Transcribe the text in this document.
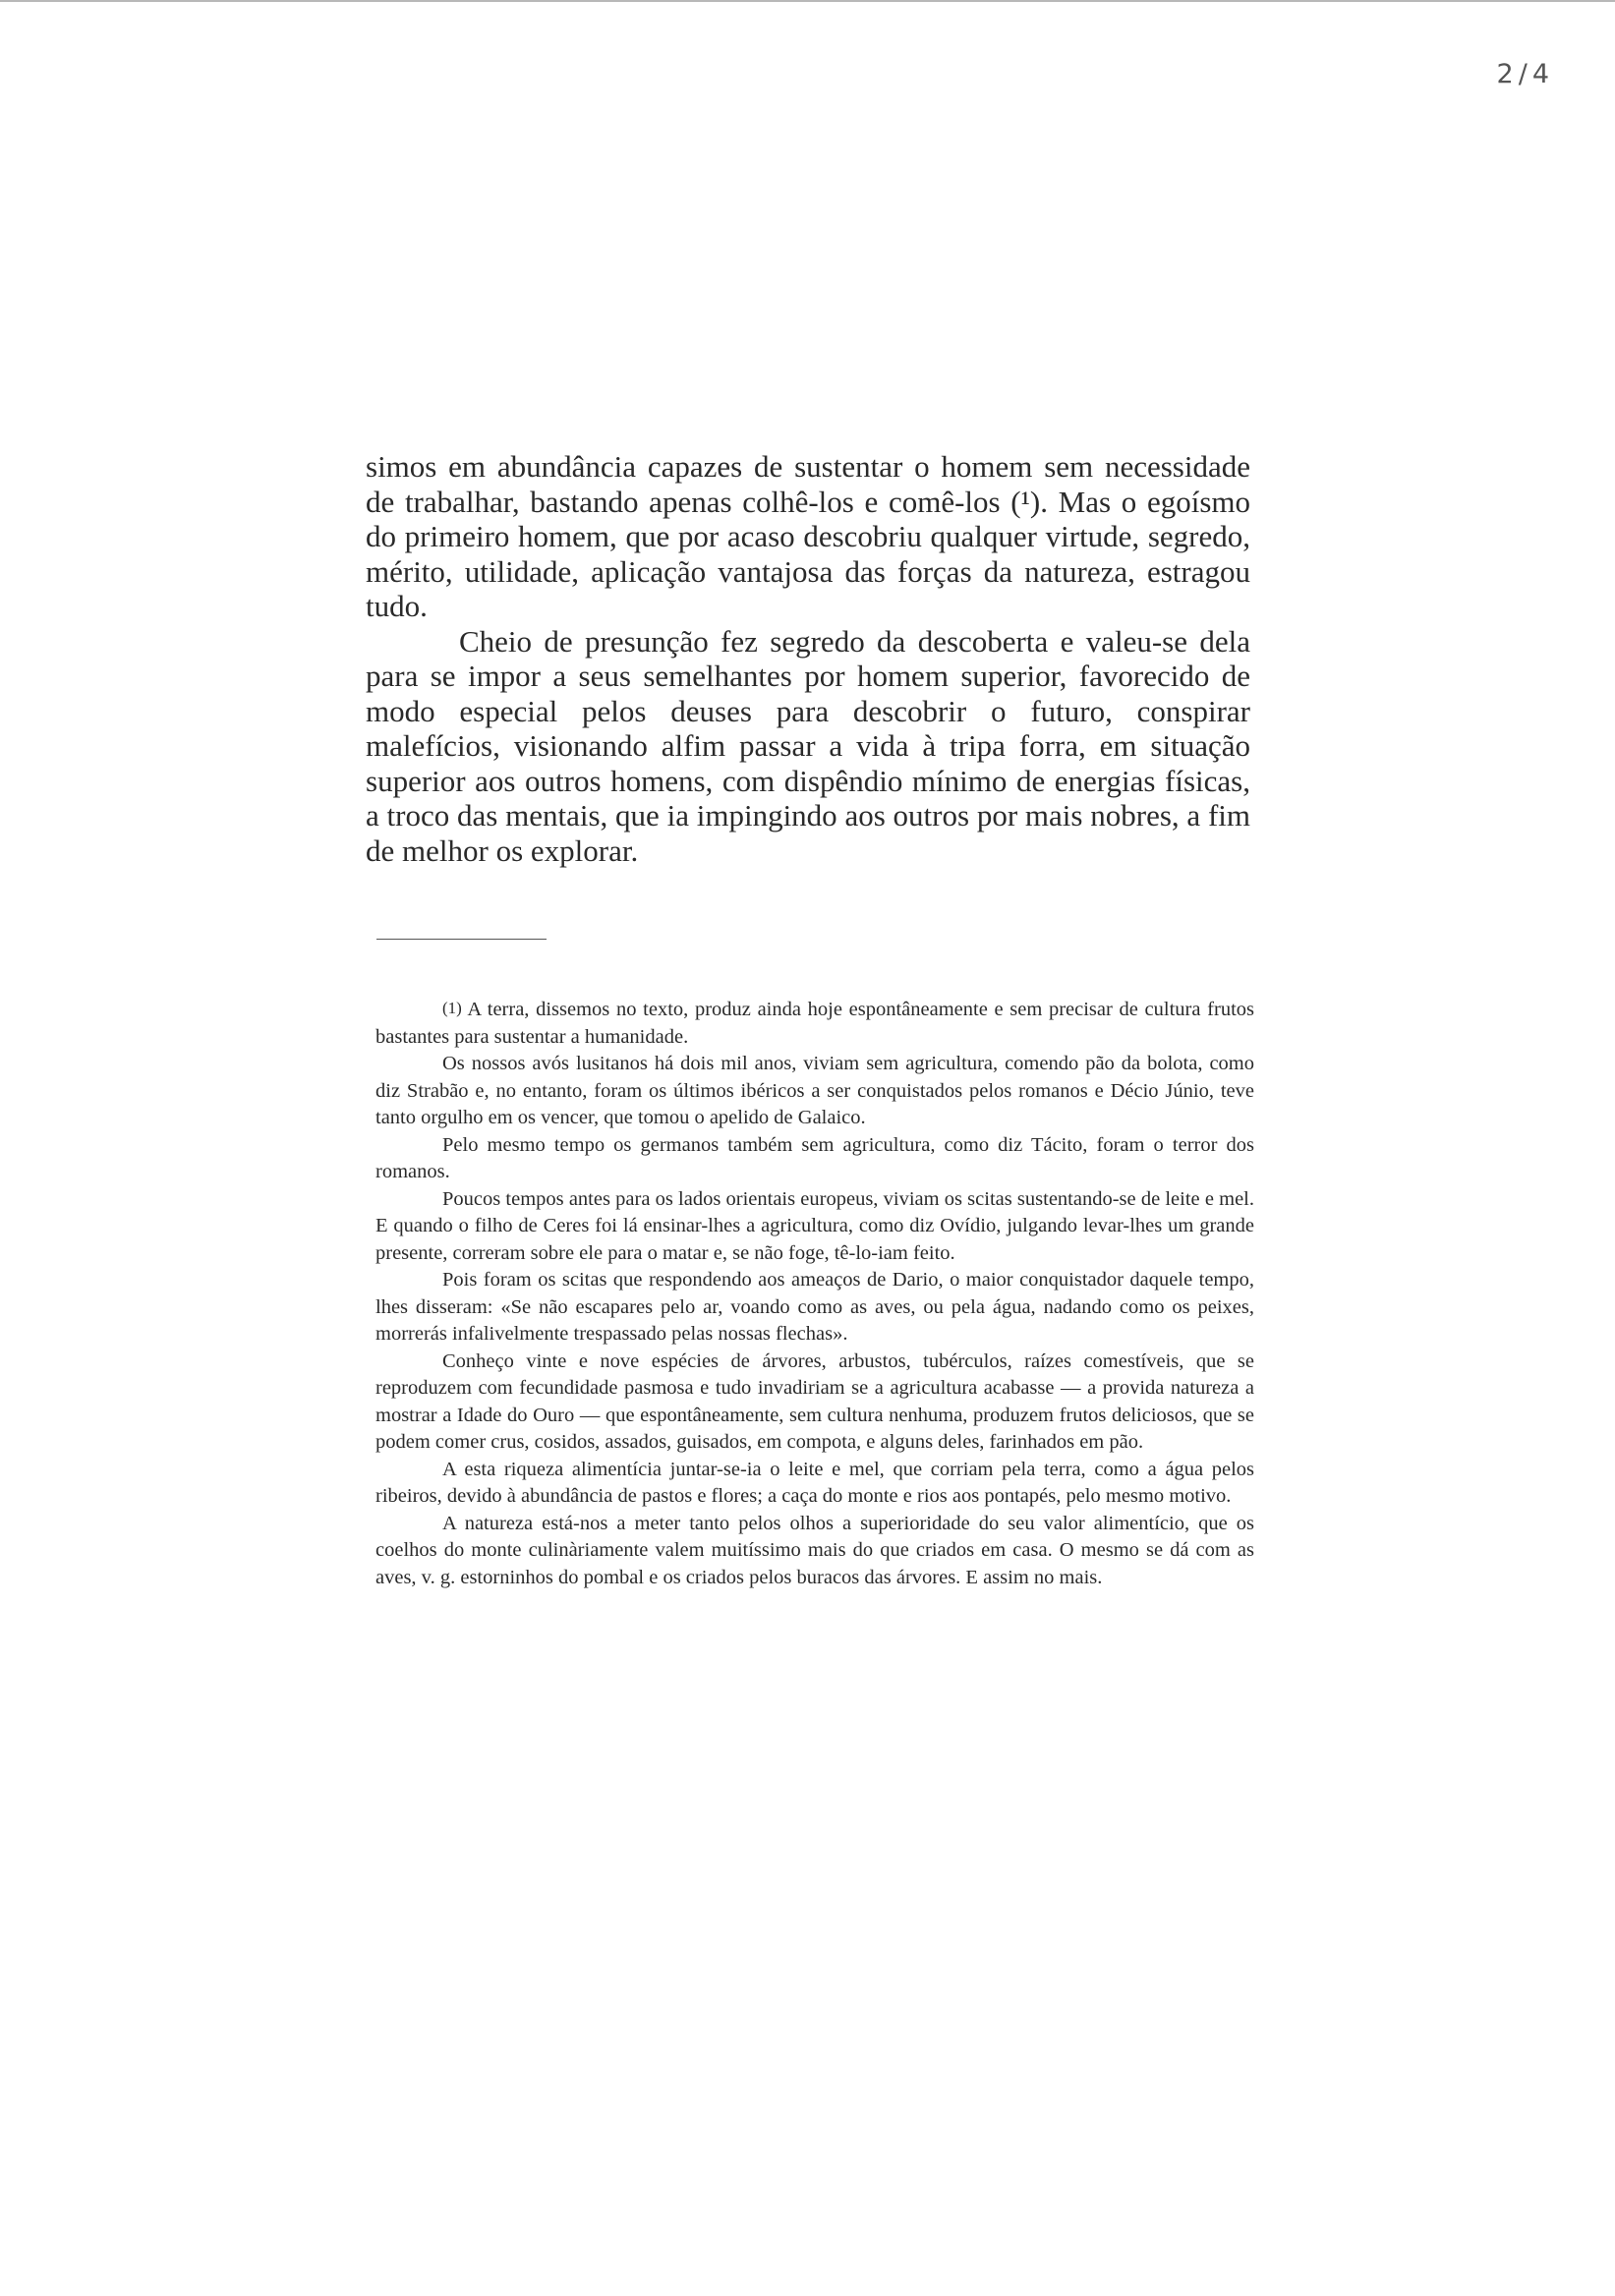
2/4

simos em abundância capazes de sustentar o homem sem necessidade de trabalhar, bastando apenas colhê-los e comê-los (¹). Mas o egoísmo do primeiro homem, que por acaso descobriu qualquer virtude, segredo, mérito, utilidade, aplicação vantajosa das forças da natureza, estragou tudo.

Cheio de presunção fez segredo da descoberta e valeu-se dela para se impor a seus semelhantes por homem superior, favorecido de modo especial pelos deuses para descobrir o futuro, conspirar malefícios, visionando alfim passar a vida à tripa forra, em situação superior aos outros homens, com dispêndio mínimo de energias físicas, a troco das mentais, que ia impingindo aos outros por mais nobres, a fim de melhor os explorar.

(1) A terra, dissemos no texto, produz ainda hoje espontâneamente e sem precisar de cultura frutos bastantes para sustentar a humanidade.

Os nossos avós lusitanos há dois mil anos, viviam sem agricultura, comendo pão da bolota, como diz Strabão e, no entanto, foram os últimos ibéricos a ser conquistados pelos romanos e Décio Júnio, teve tanto orgulho em os vencer, que tomou o apelido de Galaico.

Pelo mesmo tempo os germanos também sem agricultura, como diz Tácito, foram o terror dos romanos.

Poucos tempos antes para os lados orientais europeus, viviam os scitas sustentando-se de leite e mel. E quando o filho de Ceres foi lá ensinar-lhes a agricultura, como diz Ovídio, julgando levar-lhes um grande presente, correram sobre ele para o matar e, se não foge, tê-lo-iam feito.

Pois foram os scitas que respondendo aos ameaços de Dario, o maior conquistador daquele tempo, lhes disseram: «Se não escapares pelo ar, voando como as aves, ou pela água, nadando como os peixes, morrerás infalivelmente trespassado pelas nossas flechas».

Conheço vinte e nove espécies de árvores, arbustos, tubérculos, raízes comestíveis, que se reproduzem com fecundidade pasmosa e tudo invadiriam se a agricultura acabasse — a provida natureza a mostrar a Idade do Ouro — que espontâneamente, sem cultura nenhuma, produzem frutos deliciosos, que se podem comer crus, cosidos, assados, guisados, em compota, e alguns deles, farinhados em pão.

A esta riqueza alimentícia juntar-se-ia o leite e mel, que corriam pela terra, como a água pelos ribeiros, devido à abundância de pastos e flores; a caça do monte e rios aos pontapés, pelo mesmo motivo.

A natureza está-nos a meter tanto pelos olhos a superioridade do seu valor alimentício, que os coelhos do monte culinàriamente valem muitíssimo mais do que criados em casa. O mesmo se dá com as aves, v. g. estorninhos do pombal e os criados pelos buracos das árvores. E assim no mais.
